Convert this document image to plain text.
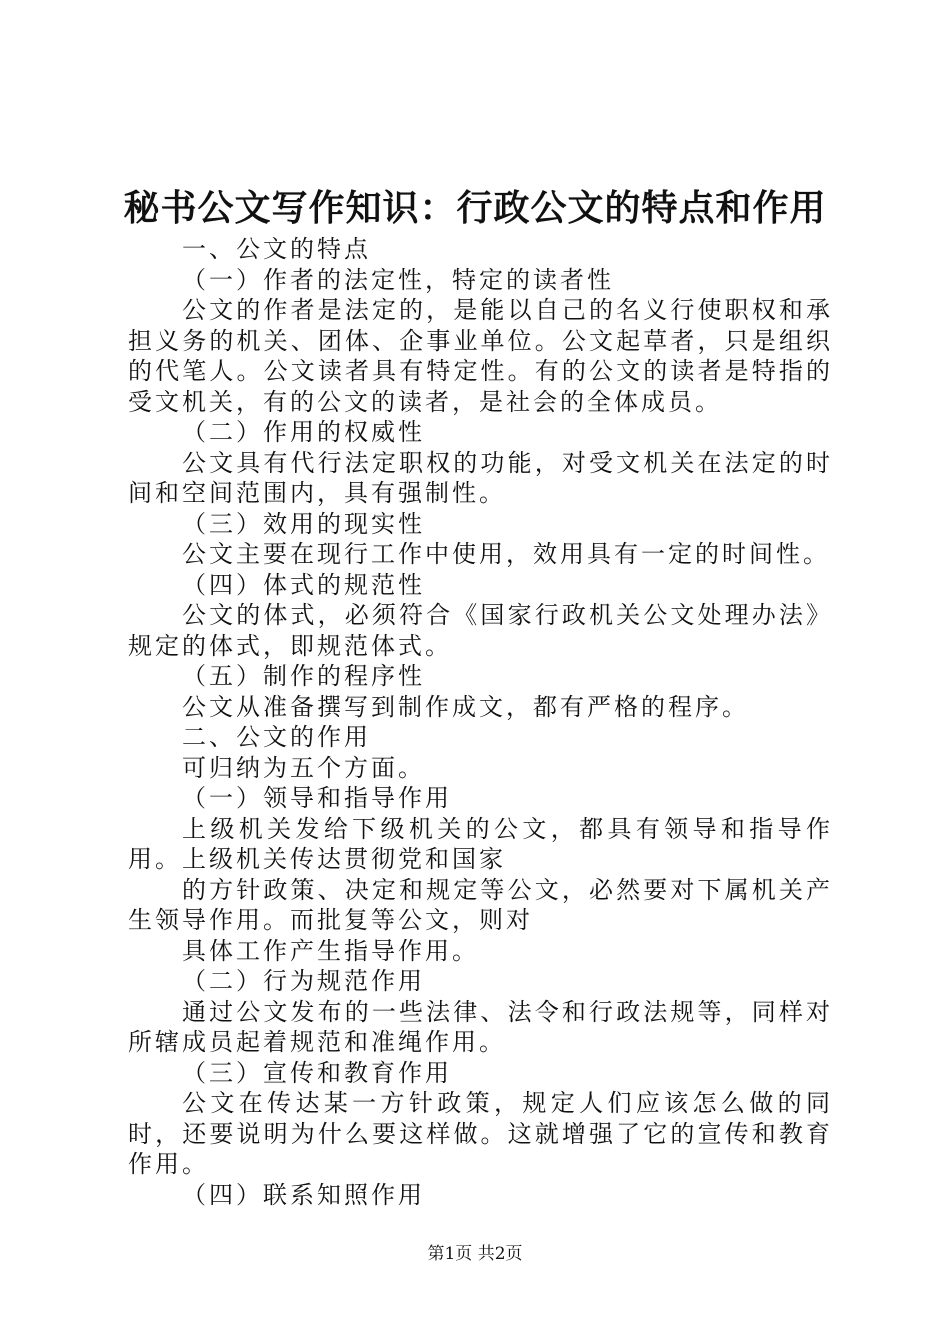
秘书公文写作知识：行政公文的特点和作用

一、公文的特点

（一）作者的法定性，特定的读者性

公文的作者是法定的，是能以自己的名义行使职权和承担义务的机关、团体、企事业单位。公文起草者，只是组织的代笔人。公文读者具有特定性。有的公文的读者是特指的受文机关，有的公文的读者，是社会的全体成员。

（二）作用的权威性

公文具有代行法定职权的功能，对受文机关在法定的时间和空间范围内，具有强制性。

（三）效用的现实性

公文主要在现行工作中使用，效用具有一定的时间性。

（四）体式的规范性

公文的体式，必须符合《国家行政机关公文处理办法》规定的体式，即规范体式。

（五）制作的程序性

公文从准备撰写到制作成文，都有严格的程序。

二、公文的作用

可归纳为五个方面。

（一）领导和指导作用

上级机关发给下级机关的公文，都具有领导和指导作用。上级机关传达贯彻党和国家

的方针政策、决定和规定等公文，必然要对下属机关产生领导作用。而批复等公文，则对

具体工作产生指导作用。

（二）行为规范作用

通过公文发布的一些法律、法令和行政法规等，同样对所辖成员起着规范和准绳作用。

（三）宣传和教育作用

公文在传达某一方针政策，规定人们应该怎么做的同时，还要说明为什么要这样做。这就增强了它的宣传和教育作用。

（四）联系知照作用

第1页 共2页
